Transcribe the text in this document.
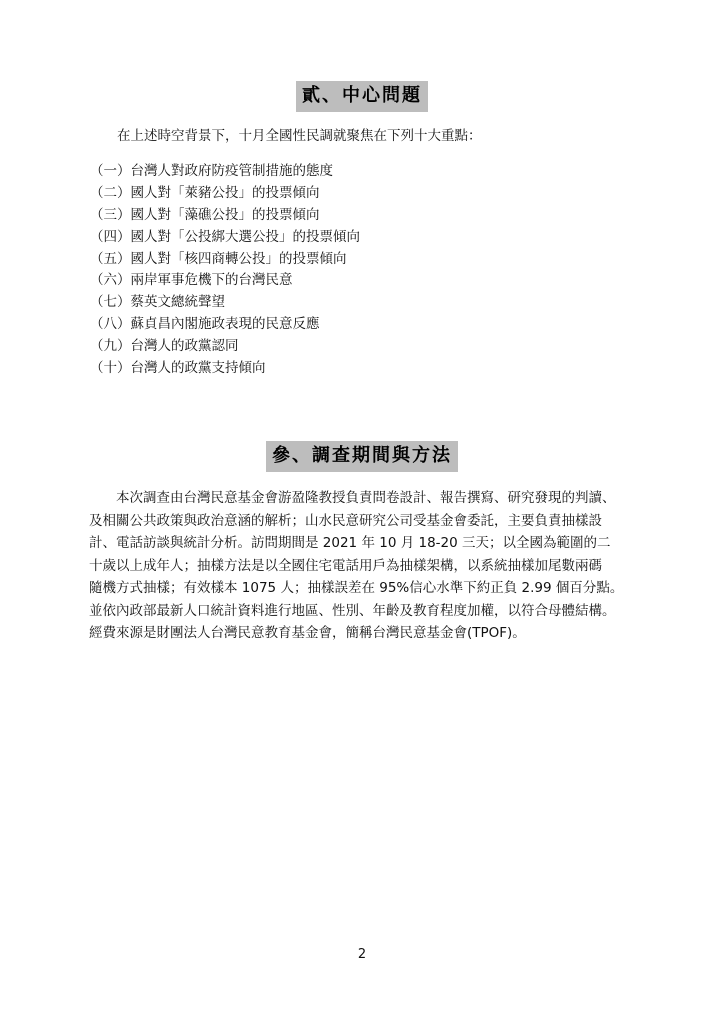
貳、中心問題
在上述時空背景下，十月全國性民調就聚焦在下列十大重點：
（一）台灣人對政府防疫管制措施的態度
（二）國人對「萊豬公投」的投票傾向
（三）國人對「藻礁公投」的投票傾向
（四）國人對「公投綁大選公投」的投票傾向
（五）國人對「核四商轉公投」的投票傾向
（六）兩岸軍事危機下的台灣民意
（七）蔡英文總統聲望
（八）蘇貞昌內閣施政表現的民意反應
（九）台灣人的政黨認同
（十）台灣人的政黨支持傾向
參、調查期間與方法
本次調查由台灣民意基金會游盈隆教授負責問卷設計、報告撰寫、研究發現的判讀、
及相關公共政策與政治意涵的解析；山水民意研究公司受基金會委託，主要負責抽樣設
計、電話訪談與統計分析。訪問期間是 2021 年 10 月 18-20 三天；以全國為範圍的二
十歲以上成年人；抽樣方法是以全國住宅電話用戶為抽樣架構，以系統抽樣加尾數兩碼
隨機方式抽樣；有效樣本 1075 人；抽樣誤差在 95%信心水準下約正負 2.99 個百分點。
並依內政部最新人口統計資料進行地區、性別、年齡及教育程度加權，以符合母體結構。
經費來源是財團法人台灣民意教育基金會，簡稱台灣民意基金會(TPOF)。
2
